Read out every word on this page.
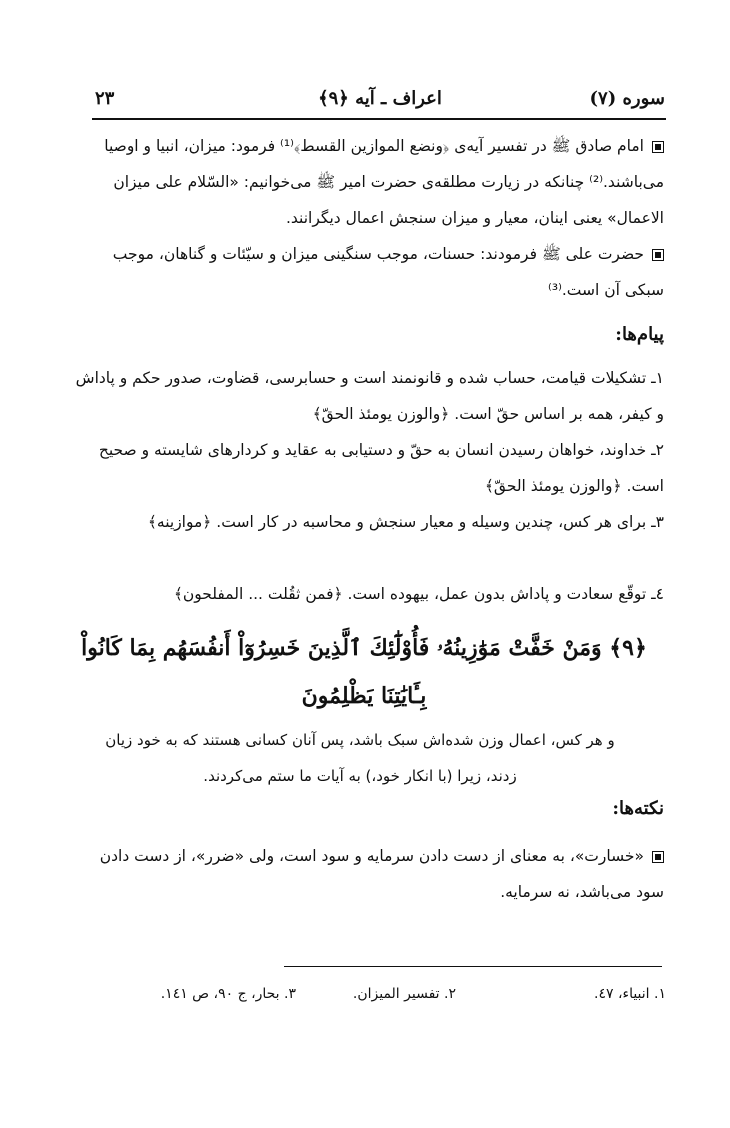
سوره (۷)
اعراف ـ آیه ﴿۹﴾
۲۳
امام صادق ﷺ در تفسیر آیه‌ی ﴿ونضع الموازین القسط﴾⁽¹⁾ فرمود: میزان، انبیا و اوصیا می‌باشند.⁽²⁾ چنانکه در زیارت مطلقه‌ی حضرت امیر ﷺ می‌خوانیم: «السّلام علی میزان الاعمال» یعنی اینان، معیار و میزان سنجش اعمال دیگرانند.
حضرت علی ﷺ فرمودند: حسنات، موجب سنگینی میزان و سیّئات و گناهان، موجب سبکی آن است.⁽³⁾
پیام‌ها:
۱ـ تشکیلات قیامت، حساب شده و قانونمند است و حسابرسی، قضاوت، صدور حکم و پاداش و کیفر، همه بر اساس حقّ است. ﴿والوزن یومئذ الحقّ﴾
۲ـ خداوند، خواهان رسیدن انسان به حقّ و دستیابی به عقاید و کردارهای شایسته و صحیح است. ﴿والوزن یومئذ الحقّ﴾
۳ـ برای هر کس، چندین وسیله و معیار سنجش و محاسبه در کار است. ﴿موازینه﴾
٤ـ توقّع سعادت و پاداش بدون عمل، بیهوده است. ﴿فمن ثقُلت ... المفلحون﴾
﴿۹﴾ وَمَنْ خَفَّتْ مَوَٰزِينُهُۥ فَأُوْلَٰٓئِكَ ٱلَّذِينَ خَسِرُوٓاْ أَنفُسَهُم بِمَا كَانُواْ بِـَٔايَٰتِنَا يَظْلِمُونَ
و هر کس، اعمال وزن شده‌اش سبک باشد، پس آنان کسانی هستند که به خود زیان زدند، زیرا (با انکار خود،) به آیات ما ستم می‌کردند.
نکته‌ها:
«خسارت»، به معنای از دست دادن سرمایه و سود است، ولی «ضرر»، از دست دادن سود می‌باشد، نه سرمایه.
۱. انبیاء، ٤٧.
۲. تفسیر المیزان.
۳. بحار، ج ۹۰، ص ۱٤۱.
